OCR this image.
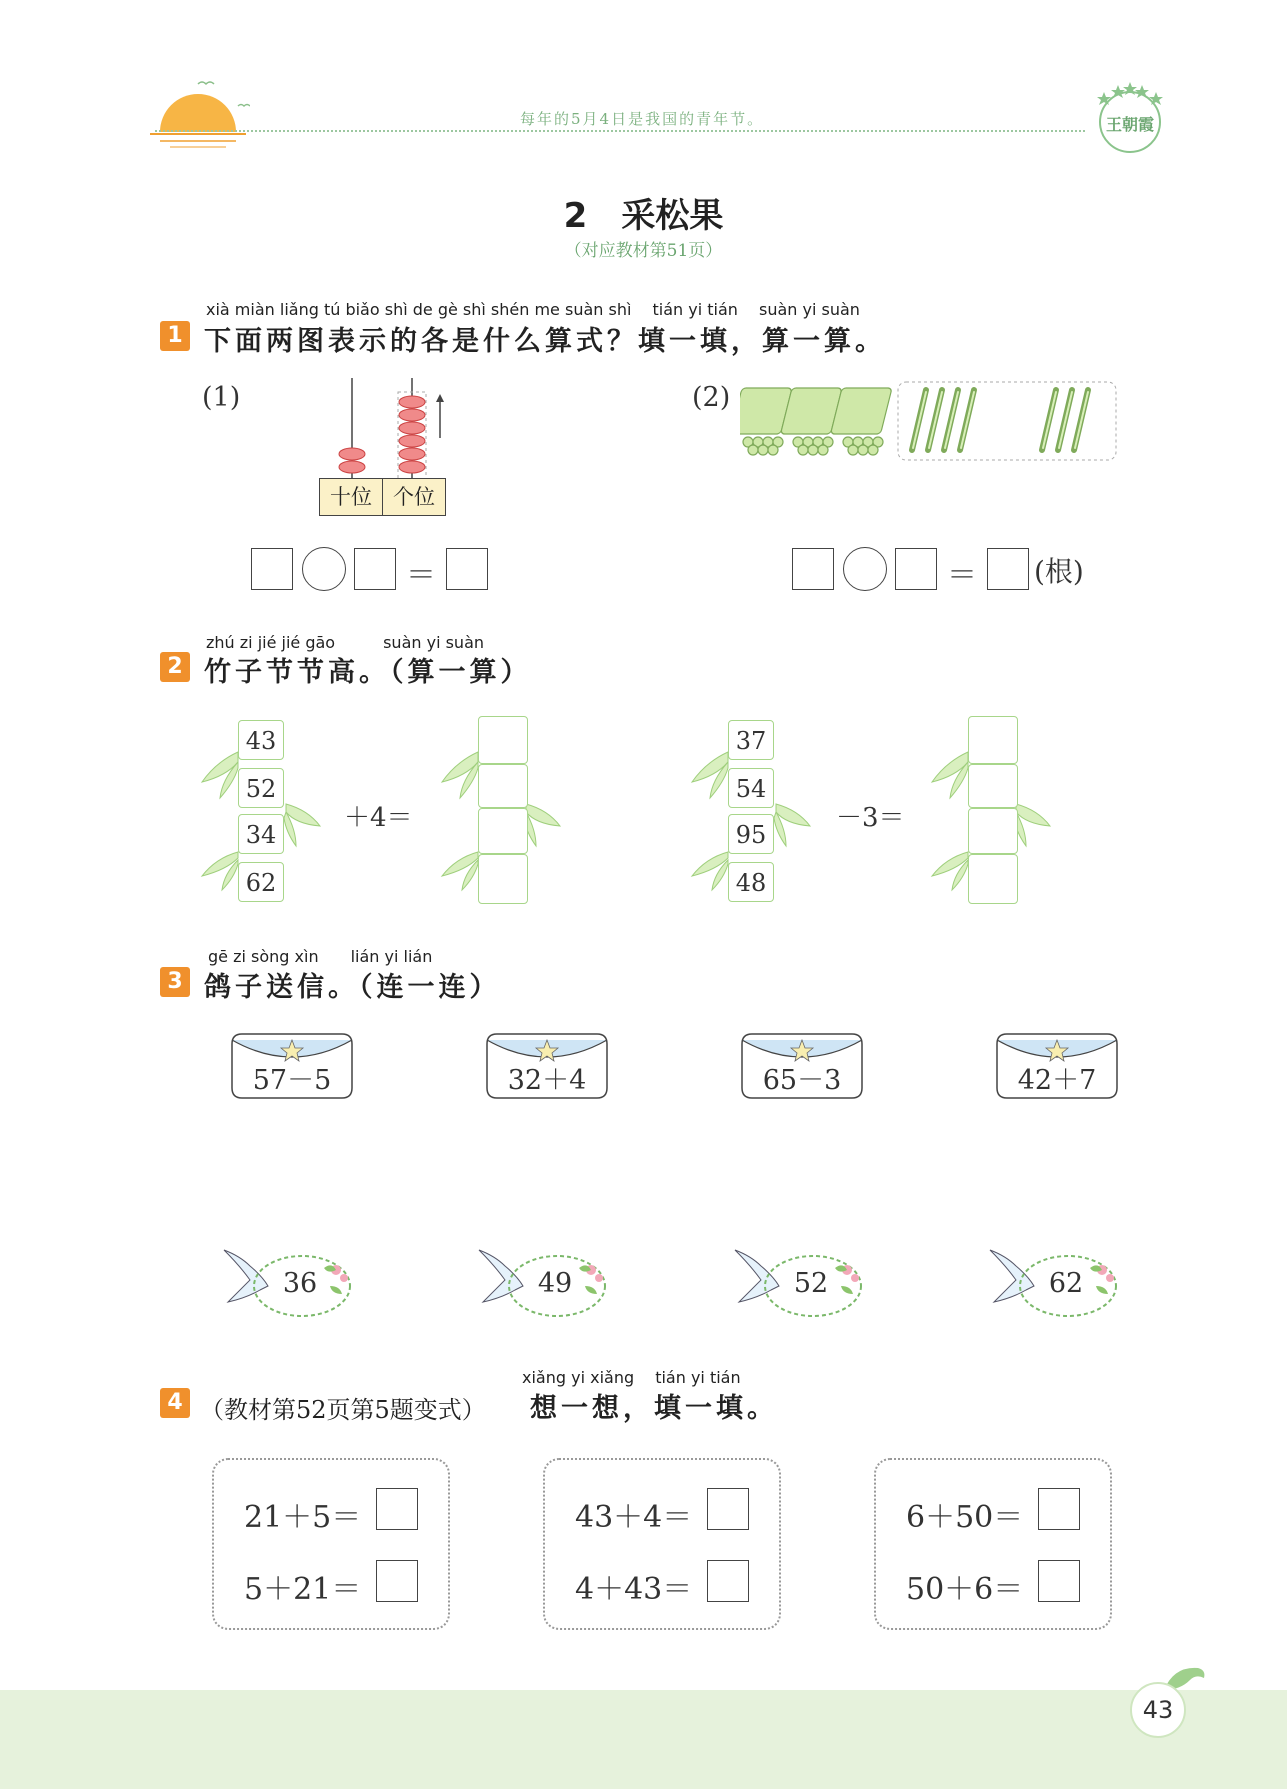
每年的5月4日是我国的青年节。	王朝霞
2　采松果
（对应教材第51页）
xià miàn liǎng tú biǎo shì de gè shì shén me suàn shì　 tián yi tián　 suàn yi suàn
1 下面两图表示的各是什么算式？填一填，算一算。
(1)
十位	个位
(2)
＝	＝ (根)
zhú zi jié jié gāo　　　suàn yi suàn
2 竹子节节高。（算一算）
43
52
34
62
＋4＝
37
54
95
48
－3＝
gē zi sòng xìn　　lián yi lián
3 鸽子送信。（连一连）
57－5	32＋4	65－3	42＋7
36	49	52	62
xiǎng yi xiǎng　 tián yi tián
4 （教材第52页第5题变式） 想一想，填一填。
21＋5＝
5＋21＝
43＋4＝
4＋43＝
6＋50＝
50＋6＝
43
